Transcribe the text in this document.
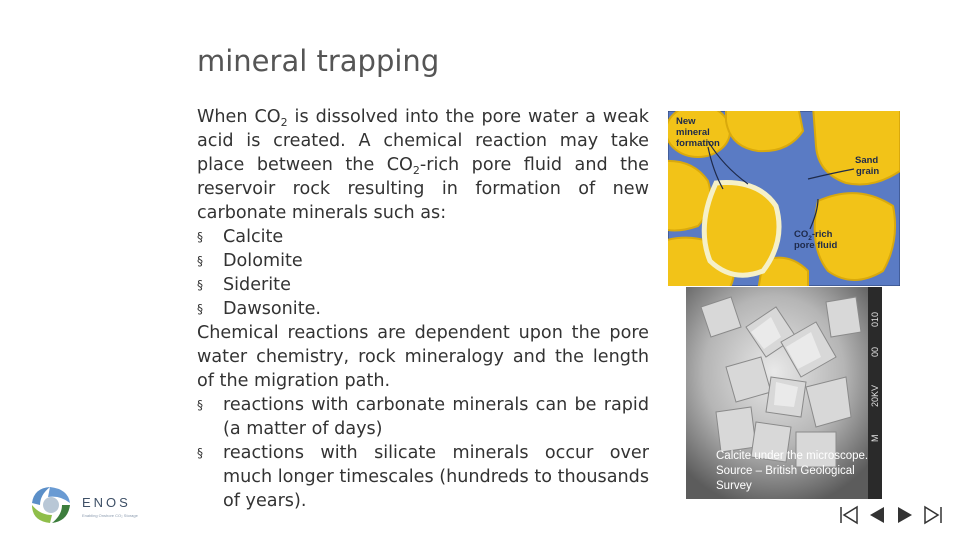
mineral trapping

When $CO_2$ is dissolved into the pore water a weak acid is created. A chemical reaction may take place between the $CO_2$-rich pore fluid and the reservoir rock resulting in formation of new carbonate minerals such as:

§ Calcite
§ Dolomite
§ Siderite
§ Dawsonite.

Chemical reactions are dependent upon the pore water chemistry, rock mineralogy and the length of the migration path.

§ reactions with carbonate minerals can be rapid (a matter of days)
§ reactions with silicate minerals occur over much longer timescales (hundreds to thousands of years).
New
mineral
formation
Sand
grain
$CO_2$-rich
pore fluid
010
00
20KV
M
Calcite under the microscope.
Source – British Geological
Survey
ENOS
Enabling Onshore CO₂ Storage
